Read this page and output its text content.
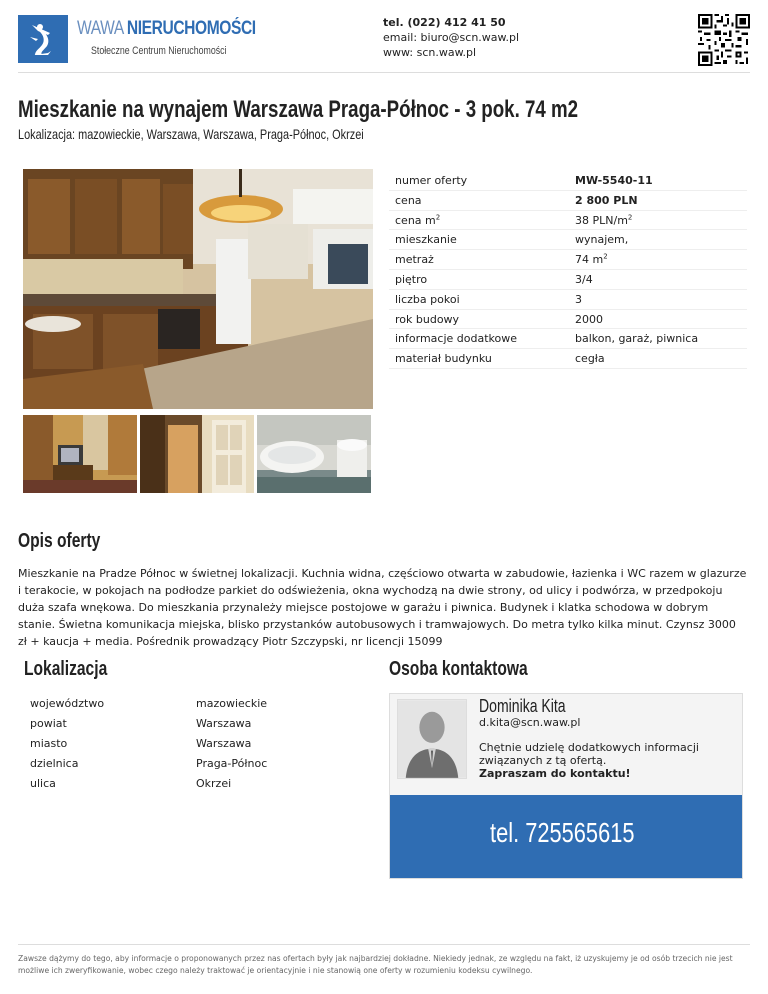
WAWA NIERUCHOMOŚCI
Stołeczne Centrum Nieruchomości
tel. (022) 412 41 50
email: biuro@scn.waw.pl
www: scn.waw.pl
Mieszkanie na wynajem Warszawa Praga-Północ - 3 pok. 74 m2
Lokalizacja: mazowieckie, Warszawa, Warszawa, Praga-Północ, Okrzei
numer oferty	MW-5540-11
cena	2 800 PLN
cena $m^2$	38 PLN/$m^2$
mieszkanie	wynajem,
metraż	74 $m^2$
piętro	3/4
liczba pokoi	3
rok budowy	2000
informacje dodatkowe	balkon, garaż, piwnica
materiał budynku	cegła
Opis oferty

Mieszkanie na Pradze Północ w świetnej lokalizacji. Kuchnia widna, częściowo otwarta w zabudowie, łazienka i WC razem w glazurze i terakocie, w pokojach na podłodze parkiet do odświeżenia, okna wychodzą na dwie strony, od ulicy i podwórza, w przedpokoju duża szafa wnękowa. Do mieszkania przynależy miejsce postojowe w garażu i piwnica. Budynek i klatka schodowa w dobrym stanie. Świetna komunikacja miejska, blisko przystanków autobusowych i tramwajowych. Do metra tylko kilka minut. Czynsz 3000 zł + kaucja + media. Pośrednik prowadzący Piotr Szczypski, nr licencji 15099

Lokalizacja
województwo	mazowieckie
powiat	Warszawa
miasto	Warszawa
dzielnica	Praga-Północ
ulica	Okrzei
Osoba kontaktowa
Dominika Kita
d.kita@scn.waw.pl
Chętnie udzielę dodatkowych informacji związanych z tą ofertą.
Zapraszam do kontaktu!
tel. 725565615
Zawsze dążymy do tego, aby informacje o proponowanych przez nas ofertach były jak najbardziej dokładne. Niekiedy jednak, ze względu na fakt, iż uzyskujemy je od osób trzecich nie jest możliwe ich zweryfikowanie, wobec czego należy traktować je orientacyjnie i nie stanowią one oferty w rozumieniu kodeksu cywilnego.
